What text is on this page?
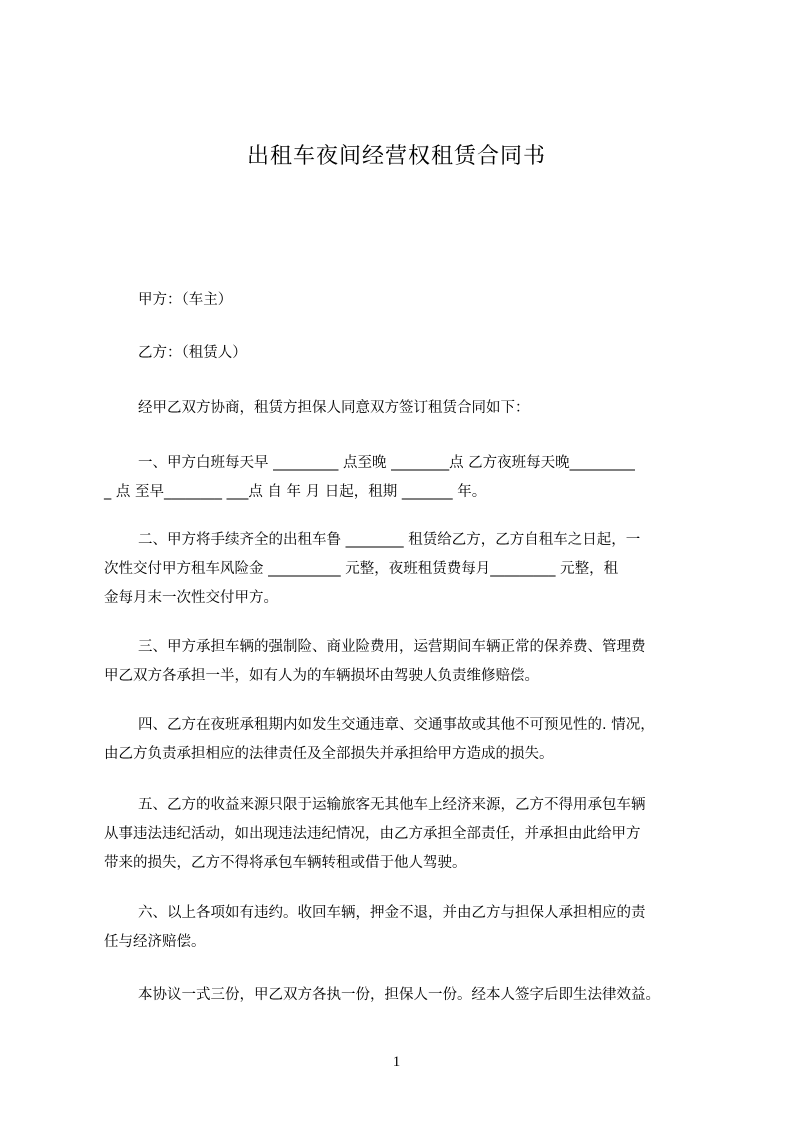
出租车夜间经营权租赁合同书
甲方：（车主）
乙方：（租赁人）
经甲乙双方协商，租赁方担保人同意双方签订租赁合同如下：
一、甲方白班每天早 _________ 点至晚 ________点 乙方夜班每天晚_________
_ 点 至早________ ___点 自 年 月 日起，租期 _______ 年。
二、甲方将手续齐全的出租车鲁 ________ 租赁给乙方，乙方自租车之日起，一
次性交付甲方租车风险金 __________ 元整，夜班租赁费每月_________ 元整，租
金每月末一次性交付甲方。
三、甲方承担车辆的强制险、商业险费用，运营期间车辆正常的保养费、管理费
甲乙双方各承担一半，如有人为的车辆损坏由驾驶人负责维修赔偿。
四、乙方在夜班承租期内如发生交通违章、交通事故或其他不可预见性的. 情况，
由乙方负责承担相应的法律责任及全部损失并承担给甲方造成的损失。
五、乙方的收益来源只限于运输旅客无其他车上经济来源，乙方不得用承包车辆
从事违法违纪活动，如出现违法违纪情况，由乙方承担全部责任，并承担由此给甲方
带来的损失，乙方不得将承包车辆转租或借于他人驾驶。
六、以上各项如有违约。收回车辆，押金不退，并由乙方与担保人承担相应的责
任与经济赔偿。
本协议一式三份，甲乙双方各执一份，担保人一份。经本人签字后即生法律效益。
1
